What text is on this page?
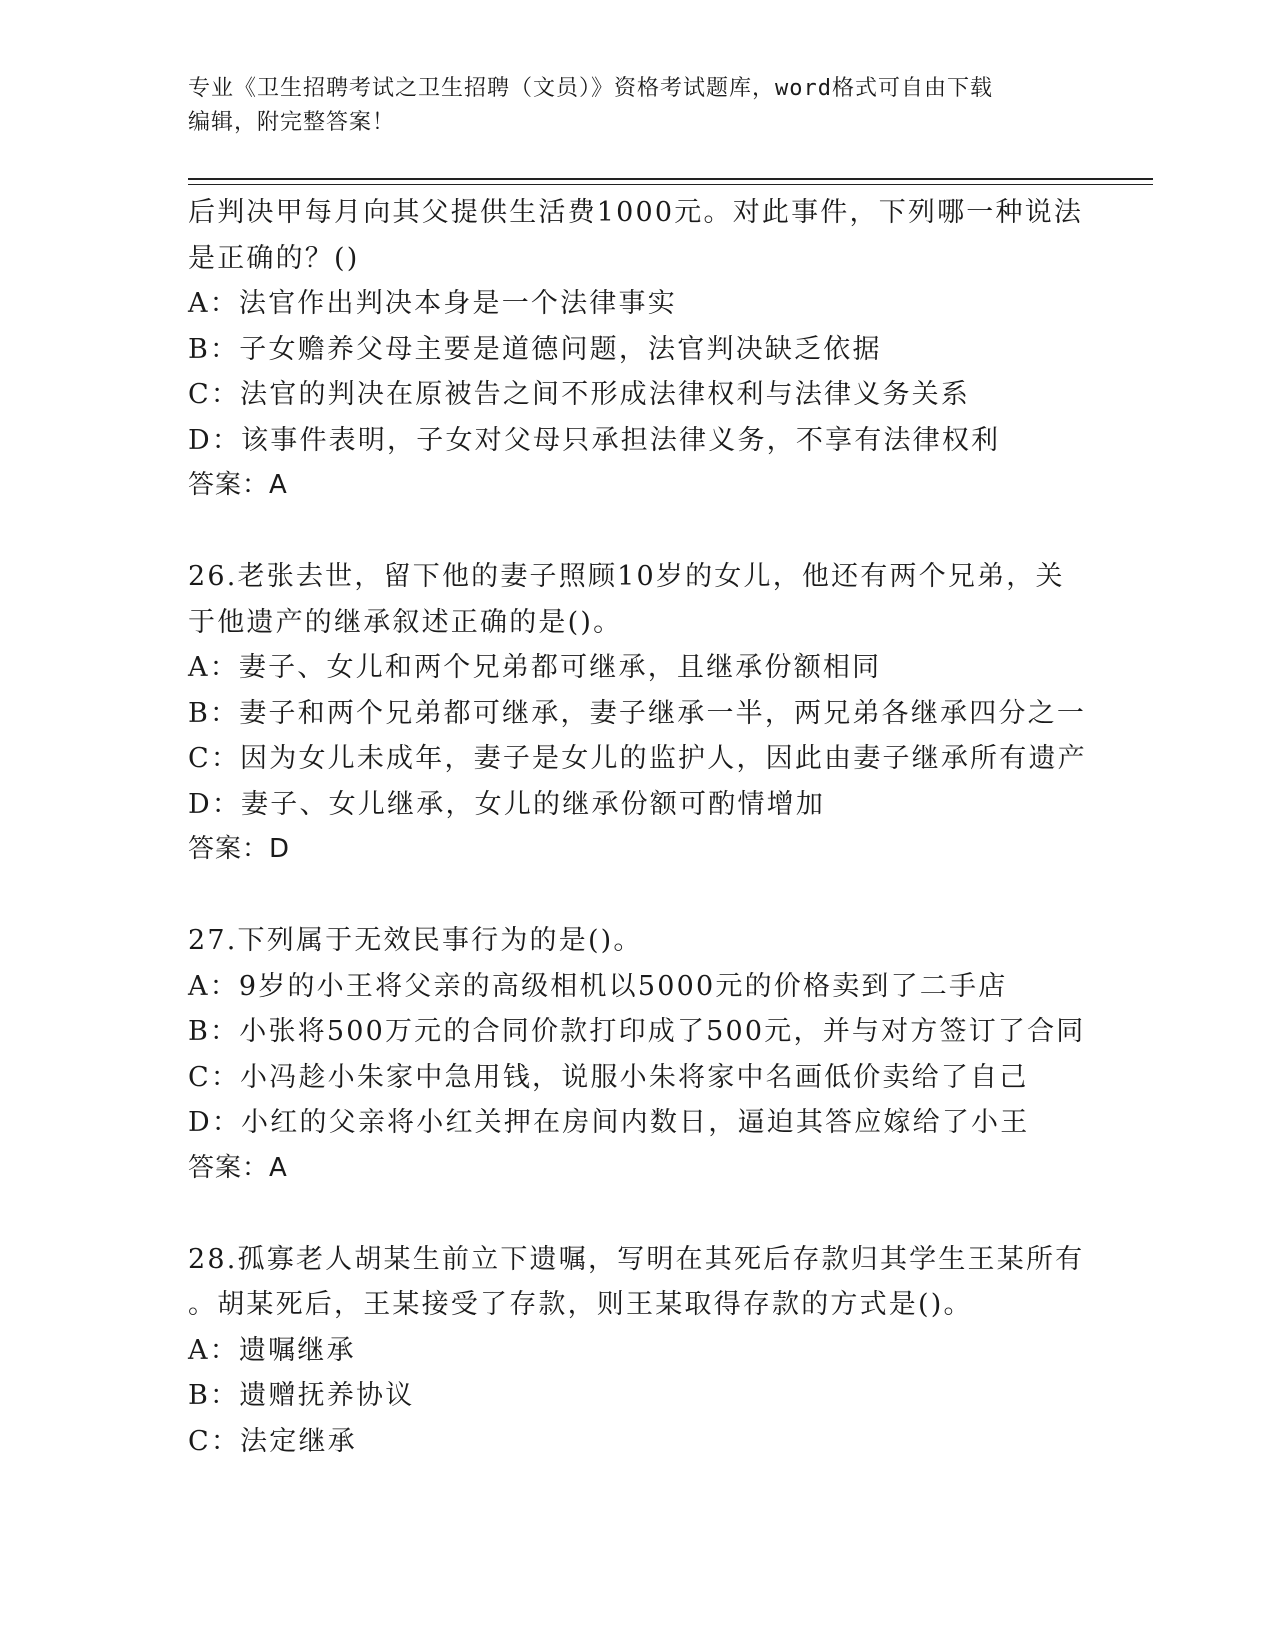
专业《卫生招聘考试之卫生招聘（文员）》资格考试题库，word格式可自由下载
编辑，附完整答案！
后判决甲每月向其父提供生活费1000元。对此事件，下列哪一种说法
是正确的？()
A：法官作出判决本身是一个法律事实
B：子女赡养父母主要是道德问题，法官判决缺乏依据
C：法官的判决在原被告之间不形成法律权利与法律义务关系
D：该事件表明，子女对父母只承担法律义务，不享有法律权利
答案：A
26.老张去世，留下他的妻子照顾10岁的女儿，他还有两个兄弟，关
于他遗产的继承叙述正确的是()。
A：妻子、女儿和两个兄弟都可继承，且继承份额相同
B：妻子和两个兄弟都可继承，妻子继承一半，两兄弟各继承四分之一
C：因为女儿未成年，妻子是女儿的监护人，因此由妻子继承所有遗产
D：妻子、女儿继承，女儿的继承份额可酌情增加
答案：D
27.下列属于无效民事行为的是()。
A：9岁的小王将父亲的高级相机以5000元的价格卖到了二手店
B：小张将500万元的合同价款打印成了500元，并与对方签订了合同
C：小冯趁小朱家中急用钱，说服小朱将家中名画低价卖给了自己
D：小红的父亲将小红关押在房间内数日，逼迫其答应嫁给了小王
答案：A
28.孤寡老人胡某生前立下遗嘱，写明在其死后存款归其学生王某所有
。胡某死后，王某接受了存款，则王某取得存款的方式是()。
A：遗嘱继承
B：遗赠抚养协议
C：法定继承
